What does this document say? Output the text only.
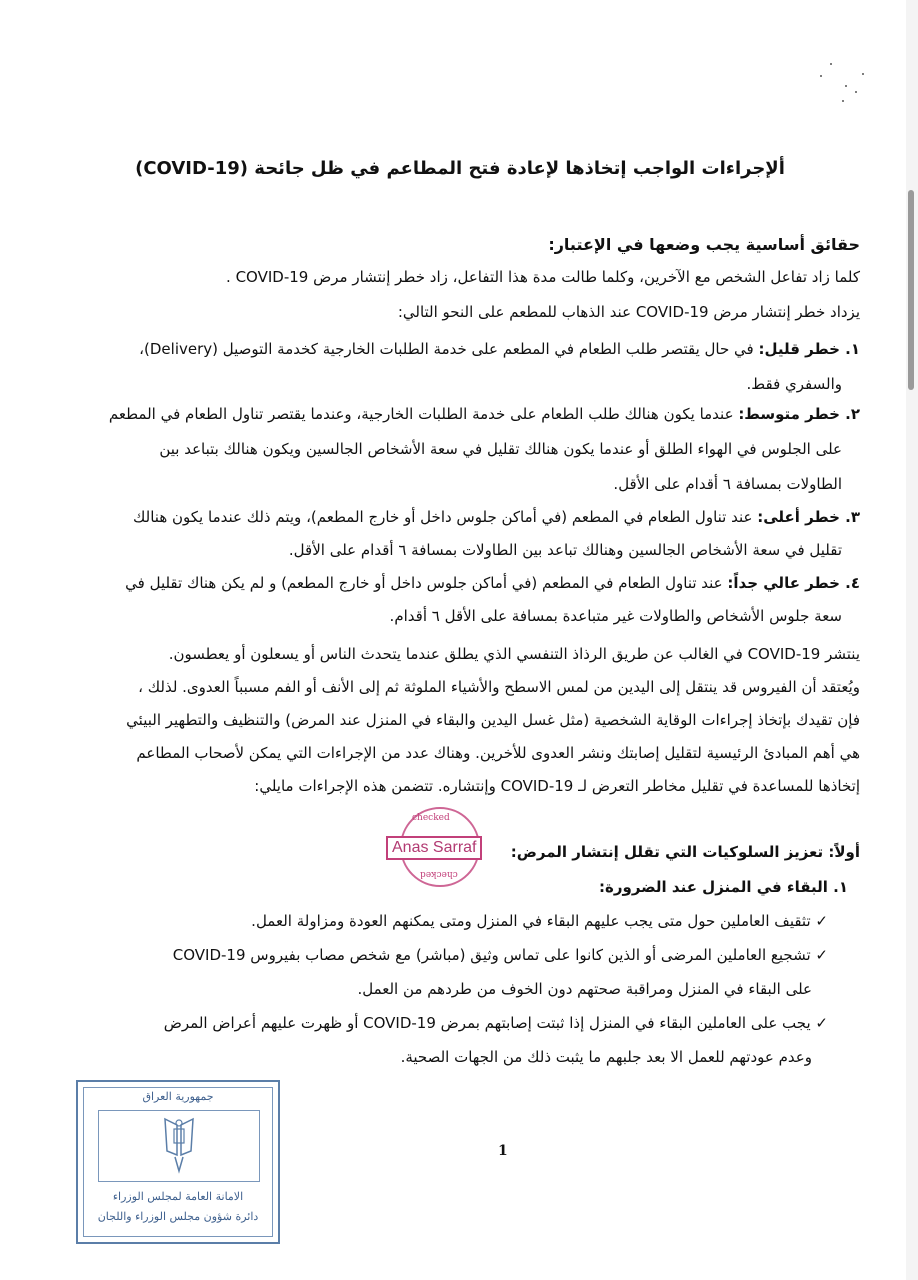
ألإجراءات الواجب إتخاذها لإعادة فتح المطاعم في ظل جائحة (COVID-19)
حقائق أساسية يجب وضعها في الإعتبار:
كلما زاد تفاعل الشخص مع الآخرين، وكلما طالت مدة هذا التفاعل، زاد خطر إنتشار مرض COVID-19 .
يزداد خطر إنتشار مرض COVID-19 عند الذهاب للمطعم على النحو التالي:
١. خطر قليل: في حال يقتصر طلب الطعام في المطعم على خدمة الطلبات الخارجية كخدمة التوصيل (Delivery)،
والسفري فقط.
٢. خطر متوسط: عندما يكون هنالك طلب الطعام على خدمة الطلبات الخارجية، وعندما يقتصر تناول الطعام في المطعم
على الجلوس في الهواء الطلق أو عندما يكون هنالك تقليل في سعة الأشخاص الجالسين ويكون هنالك بتباعد بين
الطاولات بمسافة ٦ أقدام على الأقل.
٣. خطر أعلى: عند تناول الطعام في المطعم (في أماكن جلوس داخل أو خارج المطعم)، ويتم ذلك عندما يكون هنالك
تقليل في سعة الأشخاص الجالسين وهنالك تباعد بين الطاولات بمسافة ٦ أقدام على الأقل.
٤. خطر عالي جداً: عند تناول الطعام في المطعم (في أماكن جلوس داخل أو خارج المطعم) و لم يكن هناك تقليل في
سعة جلوس الأشخاص والطاولات غير متباعدة بمسافة على الأقل ٦ أقدام.
ينتشر COVID-19 في الغالب عن طريق الرذاذ التنفسي الذي يطلق عندما يتحدث الناس أو يسعلون أو يعطسون.
ويُعتقد أن الفيروس قد ينتقل إلى اليدين من لمس الاسطح والأشياء الملوثة ثم إلى الأنف أو الفم مسبباً العدوى. لذلك ،
فإن تقيدك بإتخاذ إجراءات الوقاية الشخصية (مثل غسل اليدين والبقاء في المنزل عند المرض) والتنظيف والتطهير البيئي
هي أهم المبادئ الرئيسية لتقليل إصابتك ونشر العدوى للأخرين. وهناك عدد من الإجراءات التي يمكن لأصحاب المطاعم
إتخاذها للمساعدة في تقليل مخاطر التعرض لـ COVID-19 وإنتشاره. تتضمن هذه الإجراءات مايلي:
أولاً: تعزيز السلوكيات التي تقلل إنتشار المرض:
١. البقاء في المنزل عند الضرورة:
✓ تثقيف العاملين حول متى يجب عليهم البقاء في المنزل ومتى يمكنهم العودة ومزاولة العمل.
✓ تشجيع العاملين المرضى أو الذين كانوا على تماس وثيق (مباشر) مع شخص مصاب بفيروس COVID-19
على البقاء في المنزل ومراقبة صحتهم دون الخوف من طردهم من العمل.
✓ يجب على العاملين البقاء في المنزل إذا ثبتت إصابتهم بمرض COVID-19 أو ظهرت عليهم أعراض المرض
وعدم عودتهم للعمل الا بعد جلبهم ما يثبت ذلك من الجهات الصحية.
checked
checked
Anas Sarraf
1
جمهورية العراق
الامانة العامة لمجلس الوزراء
دائرة شؤون مجلس الوزراء واللجان
